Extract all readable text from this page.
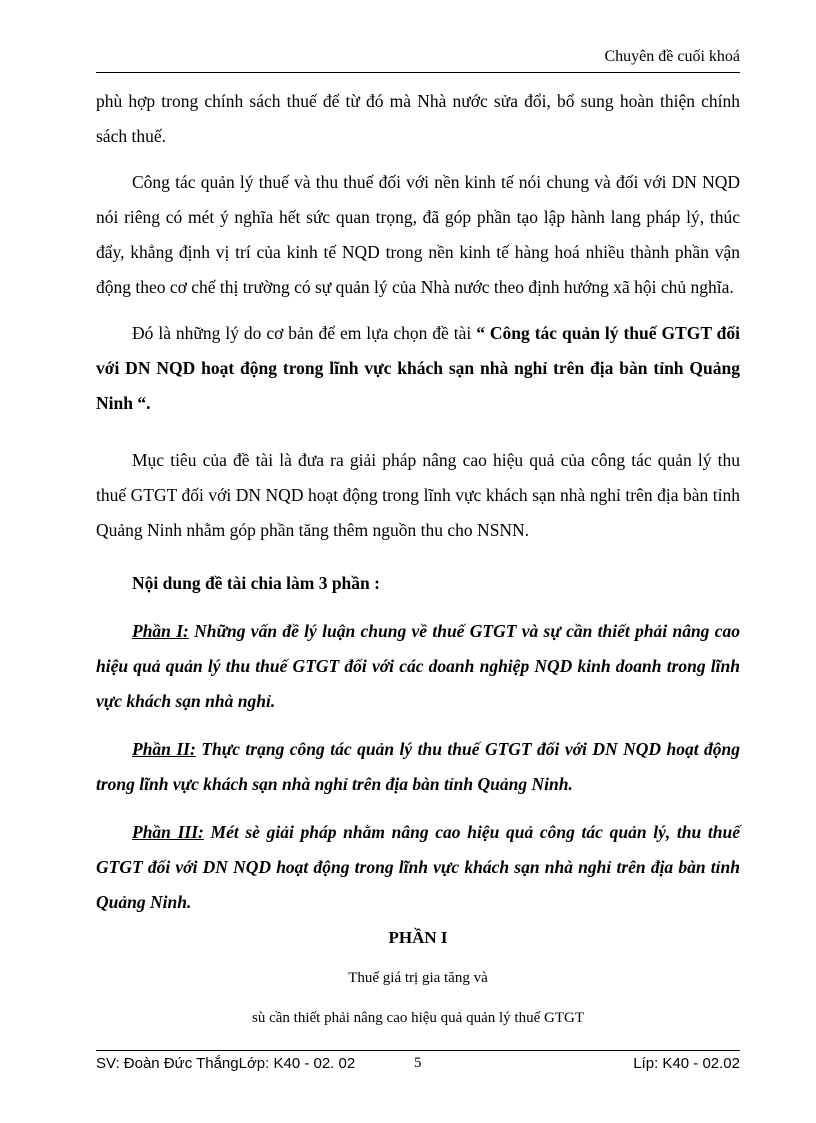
Chuyên đề cuối khoá

phù hợp trong chính sách thuế để từ đó mà Nhà nước sửa đổi, bổ sung hoàn thiện chính sách thuế.

Công tác quản lý thuế và thu thuế đối với nền kinh tế nói chung và đối với DN NQD nói riêng có mét ý nghĩa hết sức quan trọng, đã góp phần tạo lập hành lang pháp lý, thúc đẩy, khẳng định vị trí của kinh tế NQD trong nền kinh tế hàng hoá nhiều thành phần vận động theo cơ chế thị trường có sự quản lý của Nhà nước theo định hướng xã hội chủ nghĩa.

Đó là những lý do cơ bản để em lựa chọn đề tài “ Công tác quản lý thuế GTGT đối với DN NQD hoạt động trong lĩnh vực khách sạn nhà nghỉ trên địa bàn tỉnh Quảng Ninh “.

Mục tiêu của đề tài là đưa ra giải pháp nâng cao hiệu quả của công tác quản lý thu thuế GTGT đối với DN NQD hoạt động trong lĩnh vực khách sạn nhà nghỉ trên địa bàn tỉnh Quảng Ninh nhằm góp phần tăng thêm nguồn thu cho NSNN.

Nội dung đề tài chia làm 3 phần :

Phần I: Những vấn đề lý luận chung về thuế GTGT và sự cần thiết phải nâng cao hiệu quả quản lý thu thuế GTGT đối với các doanh nghiệp NQD kinh doanh trong lĩnh vực khách sạn nhà nghỉ.

Phần II: Thực trạng công tác quản lý thu thuế GTGT đối với DN NQD hoạt động trong lĩnh vực khách sạn nhà nghỉ trên địa bàn tỉnh Quảng Ninh.

Phần III: Mét sè giải pháp nhằm nâng cao hiệu quả công tác quản lý, thu thuế GTGT đối với DN NQD hoạt động trong lĩnh vực khách sạn nhà nghỉ trên địa bàn tỉnh Quảng Ninh.

PHẦN I
Thuế giá trị gia tăng và
sù cần thiết phải nâng cao hiệu quả quản lý thuế GTGT
SV: Đoàn Đức ThắngLớp: K40 - 02. 02	5	Líp: K40 - 02.02
